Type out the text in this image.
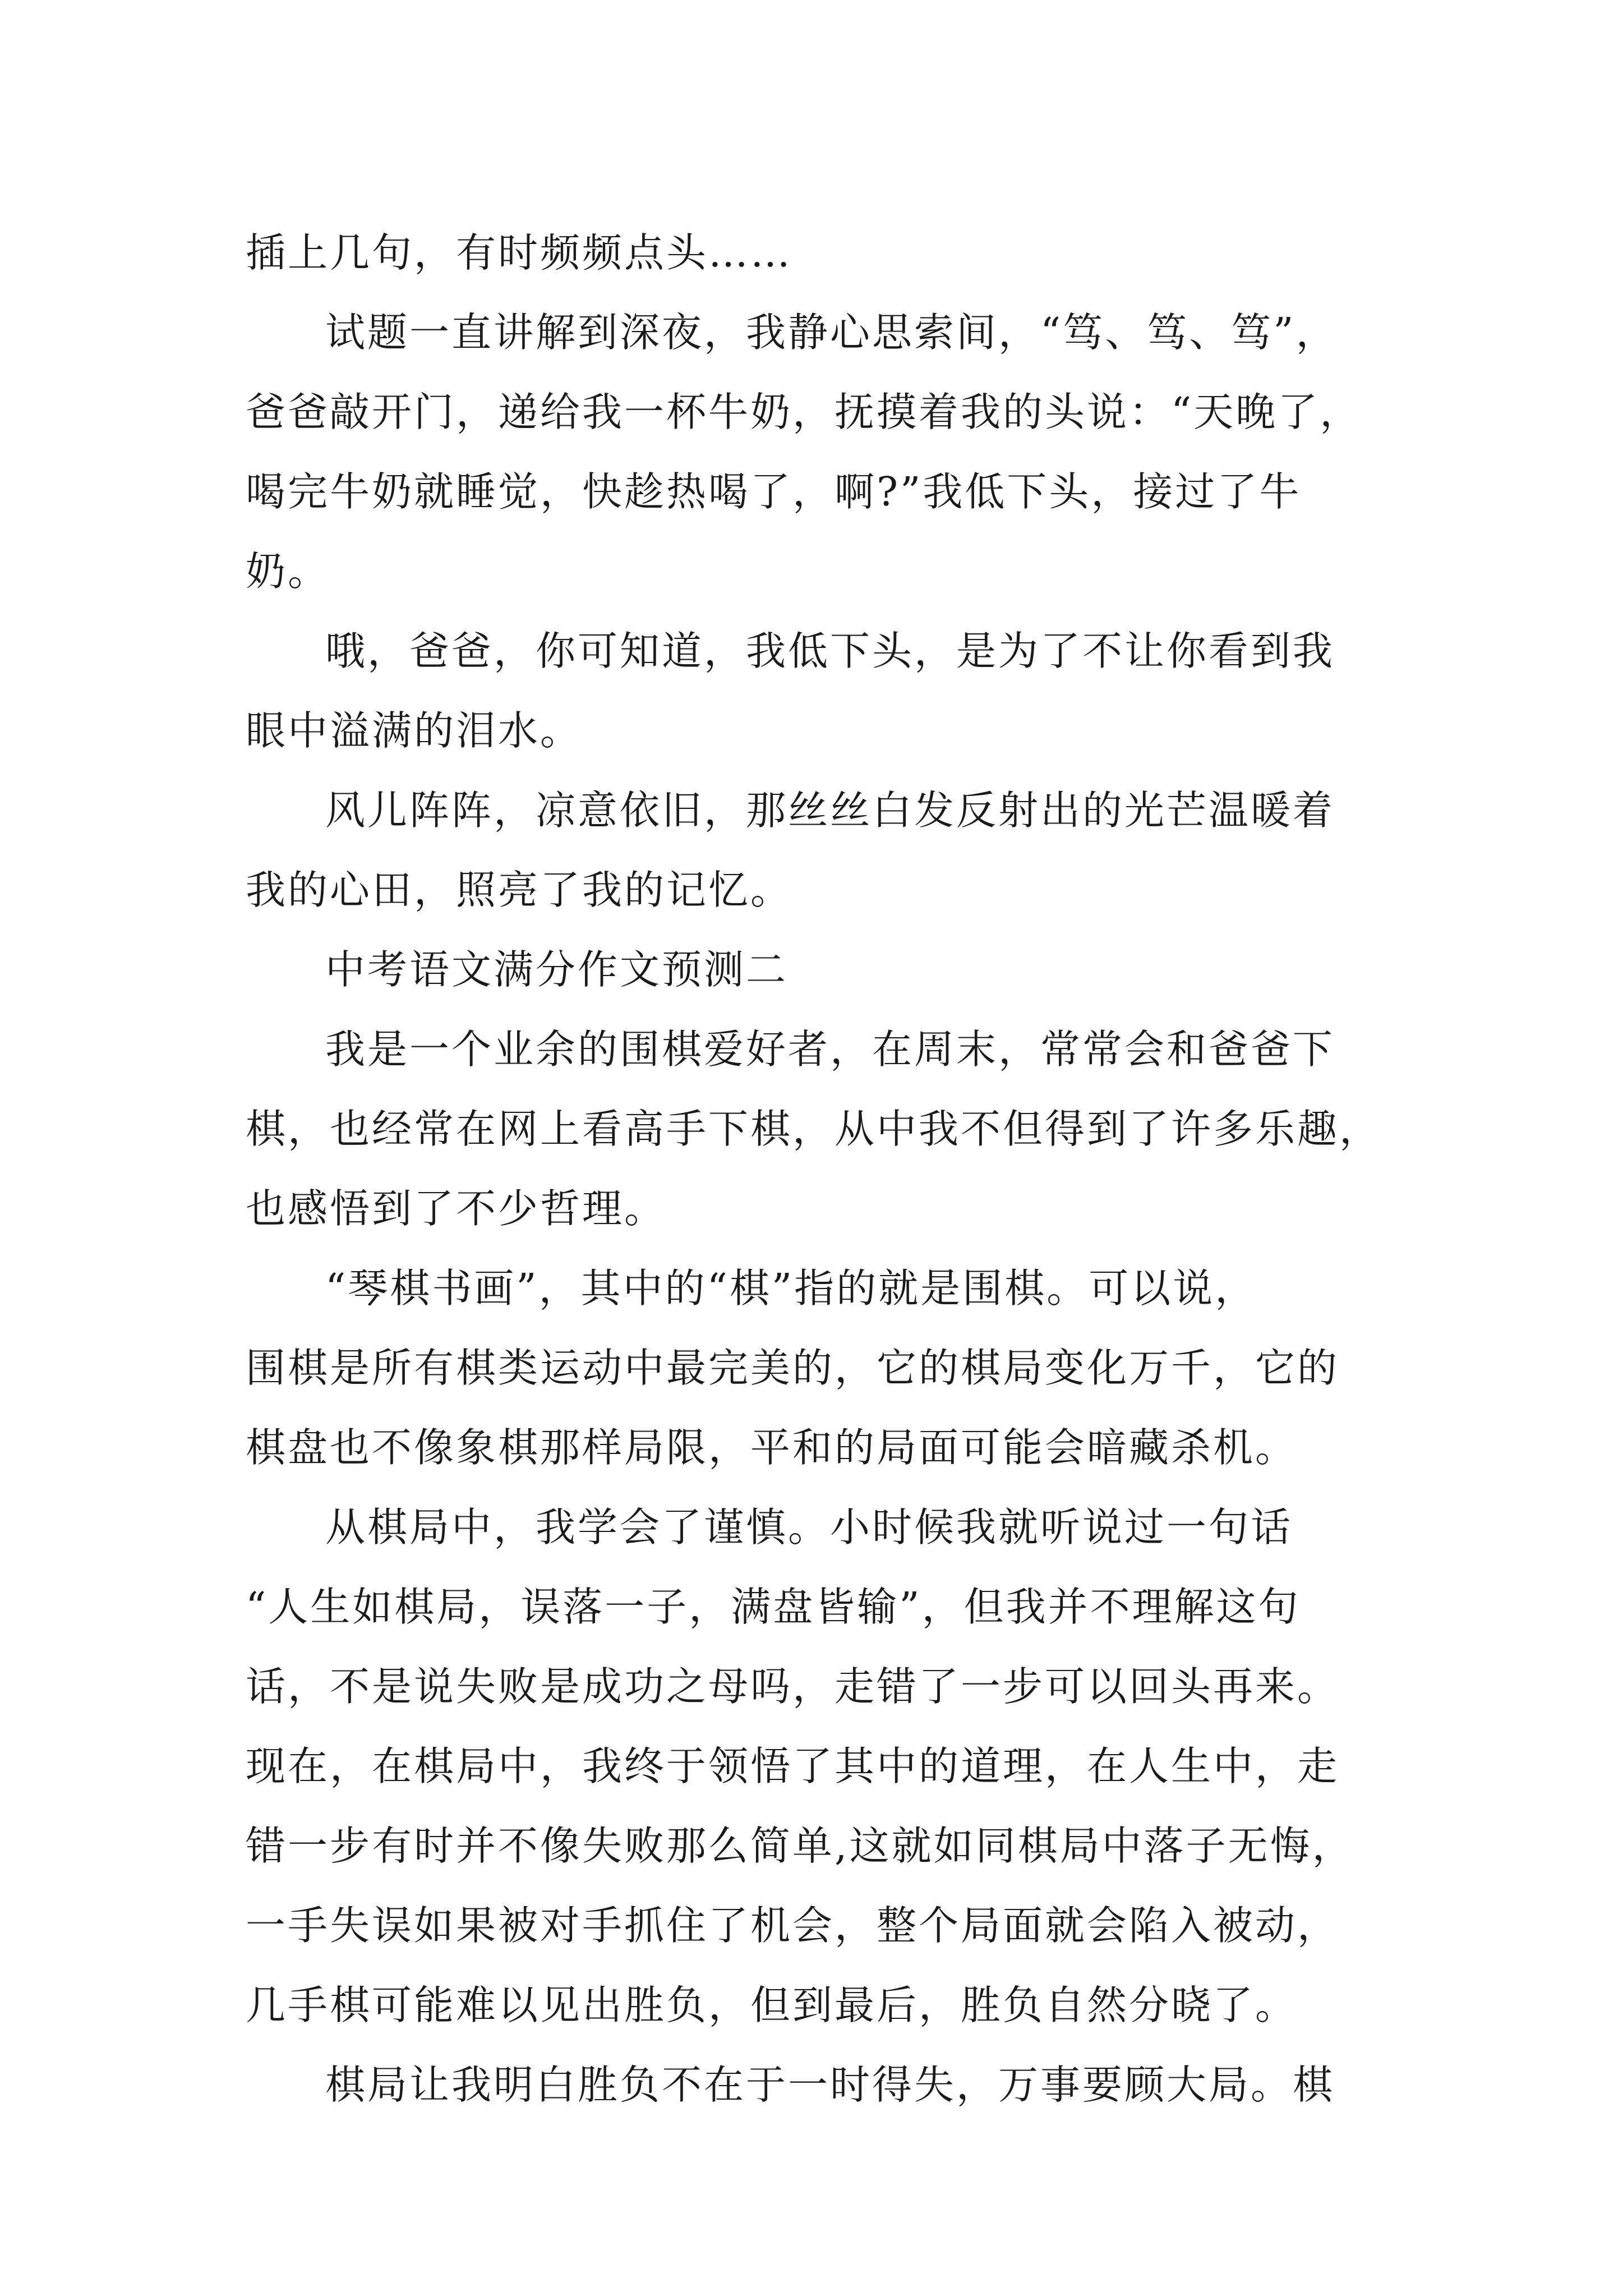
插上几句，有时频频点头……
试题一直讲解到深夜，我静心思索间，“笃、笃、笃”，
爸爸敲开门，递给我一杯牛奶，抚摸着我的头说：“天晚了，
喝完牛奶就睡觉，快趁热喝了，啊?”我低下头，接过了牛
奶。
哦，爸爸，你可知道，我低下头，是为了不让你看到我
眼中溢满的泪水。
风儿阵阵，凉意依旧，那丝丝白发反射出的光芒温暖着
我的心田，照亮了我的记忆。
中考语文满分作文预测二
我是一个业余的围棋爱好者，在周末，常常会和爸爸下
棋，也经常在网上看高手下棋，从中我不但得到了许多乐趣，
也感悟到了不少哲理。
“琴棋书画”，其中的“棋”指的就是围棋。可以说，
围棋是所有棋类运动中最完美的，它的棋局变化万千，它的
棋盘也不像象棋那样局限，平和的局面可能会暗藏杀机。
从棋局中，我学会了谨慎。小时候我就听说过一句话
“人生如棋局，误落一子，满盘皆输”，但我并不理解这句
话，不是说失败是成功之母吗，走错了一步可以回头再来。
现在，在棋局中，我终于领悟了其中的道理，在人生中，走
错一步有时并不像失败那么简单,这就如同棋局中落子无悔，
一手失误如果被对手抓住了机会，整个局面就会陷入被动，
几手棋可能难以见出胜负，但到最后，胜负自然分晓了。
棋局让我明白胜负不在于一时得失，万事要顾大局。棋
